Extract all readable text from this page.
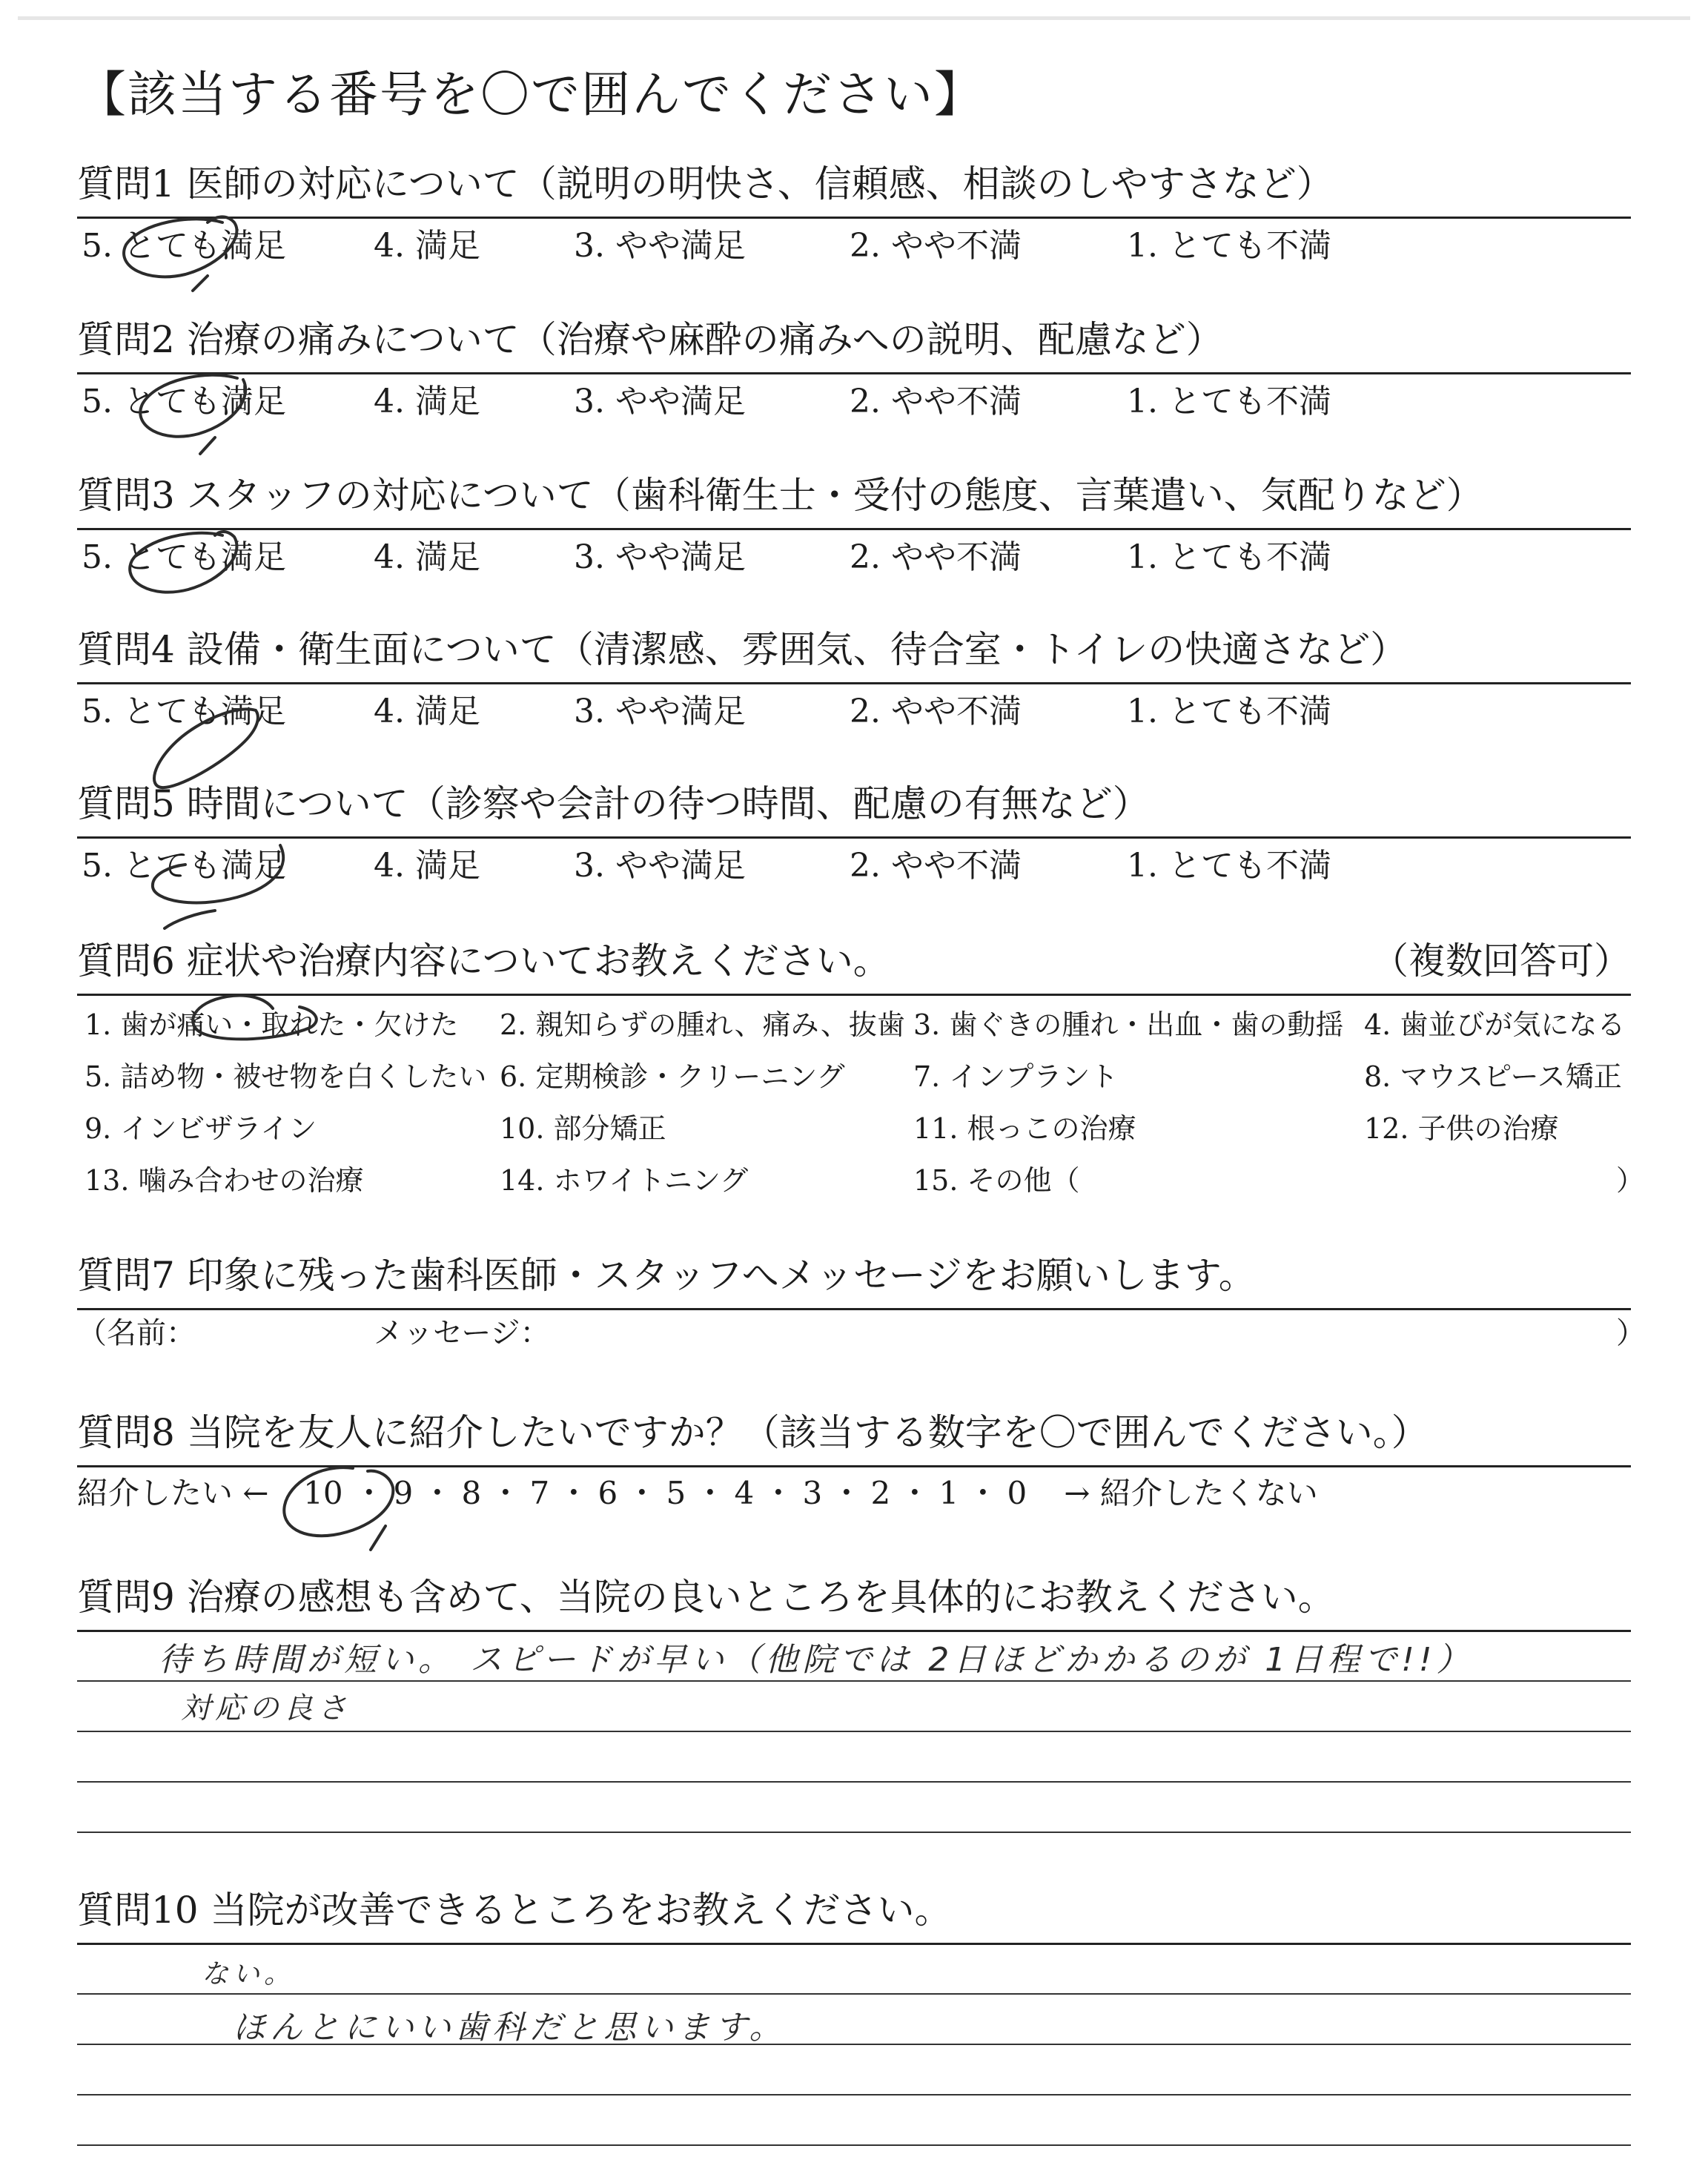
【該当する番号を〇で囲んでください】
質問1 医師の対応について（説明の明快さ、信頼感、相談のしやすさなど）
5. とても満足	4. 満足	3. やや満足	2. やや不満	1. とても不満
質問2 治療の痛みについて（治療や麻酔の痛みへの説明、配慮など）
5. とても満足	4. 満足	3. やや満足	2. やや不満	1. とても不満
質問3 スタッフの対応について（歯科衛生士・受付の態度、言葉遣い、気配りなど）
5. とても満足	4. 満足	3. やや満足	2. やや不満	1. とても不満
質問4 設備・衛生面について（清潔感、雰囲気、待合室・トイレの快適さなど）
5. とても満足	4. 満足	3. やや満足	2. やや不満	1. とても不満
質問5 時間について（診察や会計の待つ時間、配慮の有無など）
5. とても満足	4. 満足	3. やや満足	2. やや不満	1. とても不満
質問6 症状や治療内容についてお教えください。	（複数回答可）
1. 歯が痛い・取れた・欠けた 2. 親知らずの腫れ、痛み、抜歯 3. 歯ぐきの腫れ・出血・歯の動揺 4. 歯並びが気になる
5. 詰め物・被せ物を白くしたい 6. 定期検診・クリーニング 7. インプラント	8. マウスピース矯正
9. インビザライン	10. 部分矯正	11. 根っこの治療	12. 子供の治療
13. 噛み合わせの治療	14. ホワイトニング	15. その他（	）
質問7 印象に残った歯科医師・スタッフへメッセージをお願いします。
（名前：	メッセージ：	）
質問8 当院を友人に紹介したいですか？（該当する数字を〇で囲んでください。）
紹介したい ← 10 ・ 9 ・ 8 ・ 7 ・ 6 ・ 5 ・ 4 ・ 3 ・ 2 ・ 1 ・ 0 → 紹介したくない
質問9 治療の感想も含めて、当院の良いところを具体的にお教えください。
待ち時間が短い。 スピードが早い（他院では 2日ほどかかるのが 1日程で!!）
対応の良さ
質問10 当院が改善できるところをお教えください。
ない。
ほんとにいい歯科だと思います。
